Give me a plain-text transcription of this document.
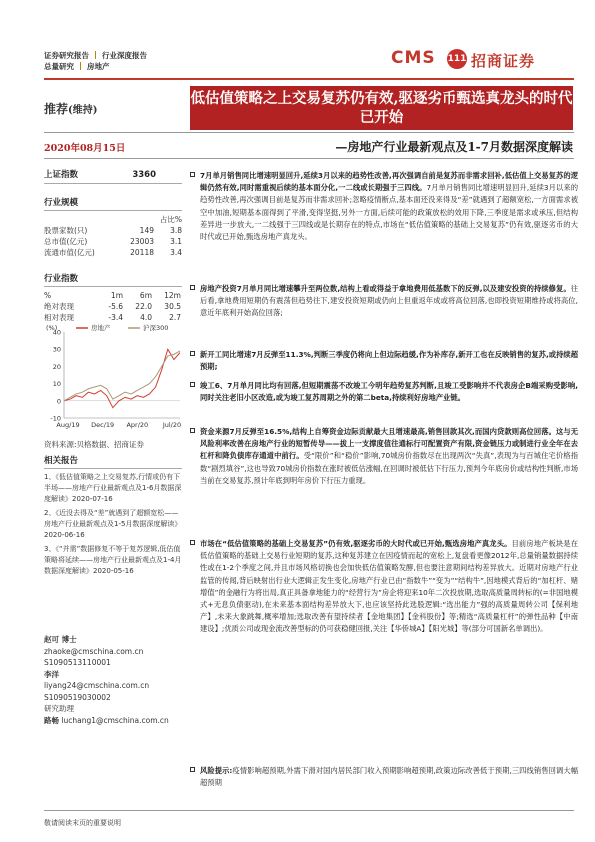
证券研究报告 行业深度报告
总量研究 房地产	CMS 111 招商证券
推荐(维持)
低估值策略之上交易复苏仍有效,驱逐劣币甄选真龙头的时代已开始
2020年08月15日	—房地产行业最新观点及1-7月数据深度解读
上证指数	3360
行业规模
占比%
股票家数(只)	149	3.8
总市值(亿元)	23003	3.1
流通市值(亿元)	20118	3.4
行业指数
%	1m	6m	12m
绝对表现	-5.6	22.0	30.5
相对表现	-3.4	4.0	2.7
40
30
20
10
0
-10
Aug/19 Dec/19 Apr/20 Jul/20
房地产	沪深300
(%)
资料来源:贝格数据、招商证券
相关报告
1、《低估值策略之上交易复苏,行情或仍有下半场——房地产行业最新观点及1-6月数据深度解读》2020-07-16
2、《近没去得及“差”就遇到了超额宽松——房地产行业最新观点及1-5月数据深度解读》2020-06-16
3、《“并需”数据修复不等于复苏逻辑,低估值策略将延续——房地产行业最新观点及1-4月数据深度解读》2020-05-16
赵可 博士
zhaoke@cmschina.com.cn
S1090513110001
李洋
liyang24@cmschina.com.cn
S1090519030002
研究助理
路畅 luchang1@cmschina.com.cn
7月单月销售同比增速明显回升,延续3月以来的趋势性改善,再次强调自前是复苏而非需求回补,低估值上交易复苏的逻辑仍然有效,同时需重视后续的基本面分化,一二线或长期强于三四线。7月单月销售同比增速明显回升,延续3月以来的趋势性改善,再次强调目前是复苏而非需求回补;忽略疫情断点,基本面还没来得及“差”就遇到了超额宽松,一方面需求被空中加油,短期基本面得到了平滑,变得坚挺,另外一方面,后续可能的政策放松的效用下降,三季度是需求或承压,但结构差异进一步放大,一二线强于三四线或是长期存在的特点,市场在“低估值策略的基础上交易复苏”仍有效,驱逐劣币的大时代或已开始,甄选房地产真龙头。
房地产投资7月单月同比增速攀升至两位数,结构上看或得益于拿地费用低基数下的反弹,以及建安投资的持续修复。往后看,拿地费用短期仍有震荡但趋势往下,建安投资短期或仍向上但重返年成或将高位回落,也即投资短期维持或将高位,意近年底利开始高位回落;
新开工同比增速7月反弹至11.3%,判断三季度仍将向上但边际趋缓,作为补库存,新开工也在反映销售的复苏,或持续超预期;
竣工6、7月单月同比均有回落,但短期震荡不改竣工今明年趋势复苏判断,且竣工受影响并不代表房企B端采购受影响,同时关注老旧小区改造,或为竣工复苏周期之外的第二beta,持续利好房地产业链。
资金来源7月反弹至16.5%,结构上自筹资金边际贡献最大且增速最高,销售回款其次,而国内贷款则高位回落。这与无风险利率改善在房地产行业的短暂传导——拔上一支撑度值往通标行可配置资产有限,资金链压力或制进行业全年在去杠杆和降负债库存通道中前行。受“限价”和“稳价”影响,70城房价指数尽在出现两次“失真”,表现为与百城住宅价格指数“剧烈填谷”,这也导致70城房价指数在涨时被低估涨幅,在回调时被低估下行压力,预判今年底房价或结构性判断,市场当前在交易复苏,预计年底到明年房价下行压力重现。
市场在“低估值策略的基础上交易复苏”仍有效,驱逐劣币的大时代或已开始,甄选房地产真龙头。目前房地产板块是在低估值策略的基础上交易行业短期的复苏,这种复苏建立在因疫情而起的宽松上,复盘看更像2012年,总量销量数据持续性或在1-2个季度之间,并且市场风格切换也会加快低估值策略发酵,但也要注意期间结构差异放大。近期对房地产行业监管的传闻,背后映射出行业大逻辑正发生变化,房地产行业已由“指数牛”“变为”“结构牛”,因地模式背后的“加杠杆、赌增值”的金融行为将出局,真正具备拿地能力的“经营行为”房企将迎来10年二次投放期,选取高质量周转标的(=非国地模式+无息负债驱动),在未来基本面结构差异放大下,也应该坚持此选股逻辑:“选出能力”强的高质量周转公司【保利地产】,未来大象跳舞,概率增加;选取改善有望持续者【金地集团】【金科股份】等;精选“高质量杠杆”的弹性品种【中南建设】;优质公司或现金流改善型标的仍可获稳健回报,关注【华侨城A】【阳光城】等(部分可国新名单调出)。
风险提示:疫情影响超预期,外需下滑对国内居民部门收入预期影响超预期,政策边际改善低于预期,三四线销售回调大幅超预期
敬请阅读末页的重要说明
